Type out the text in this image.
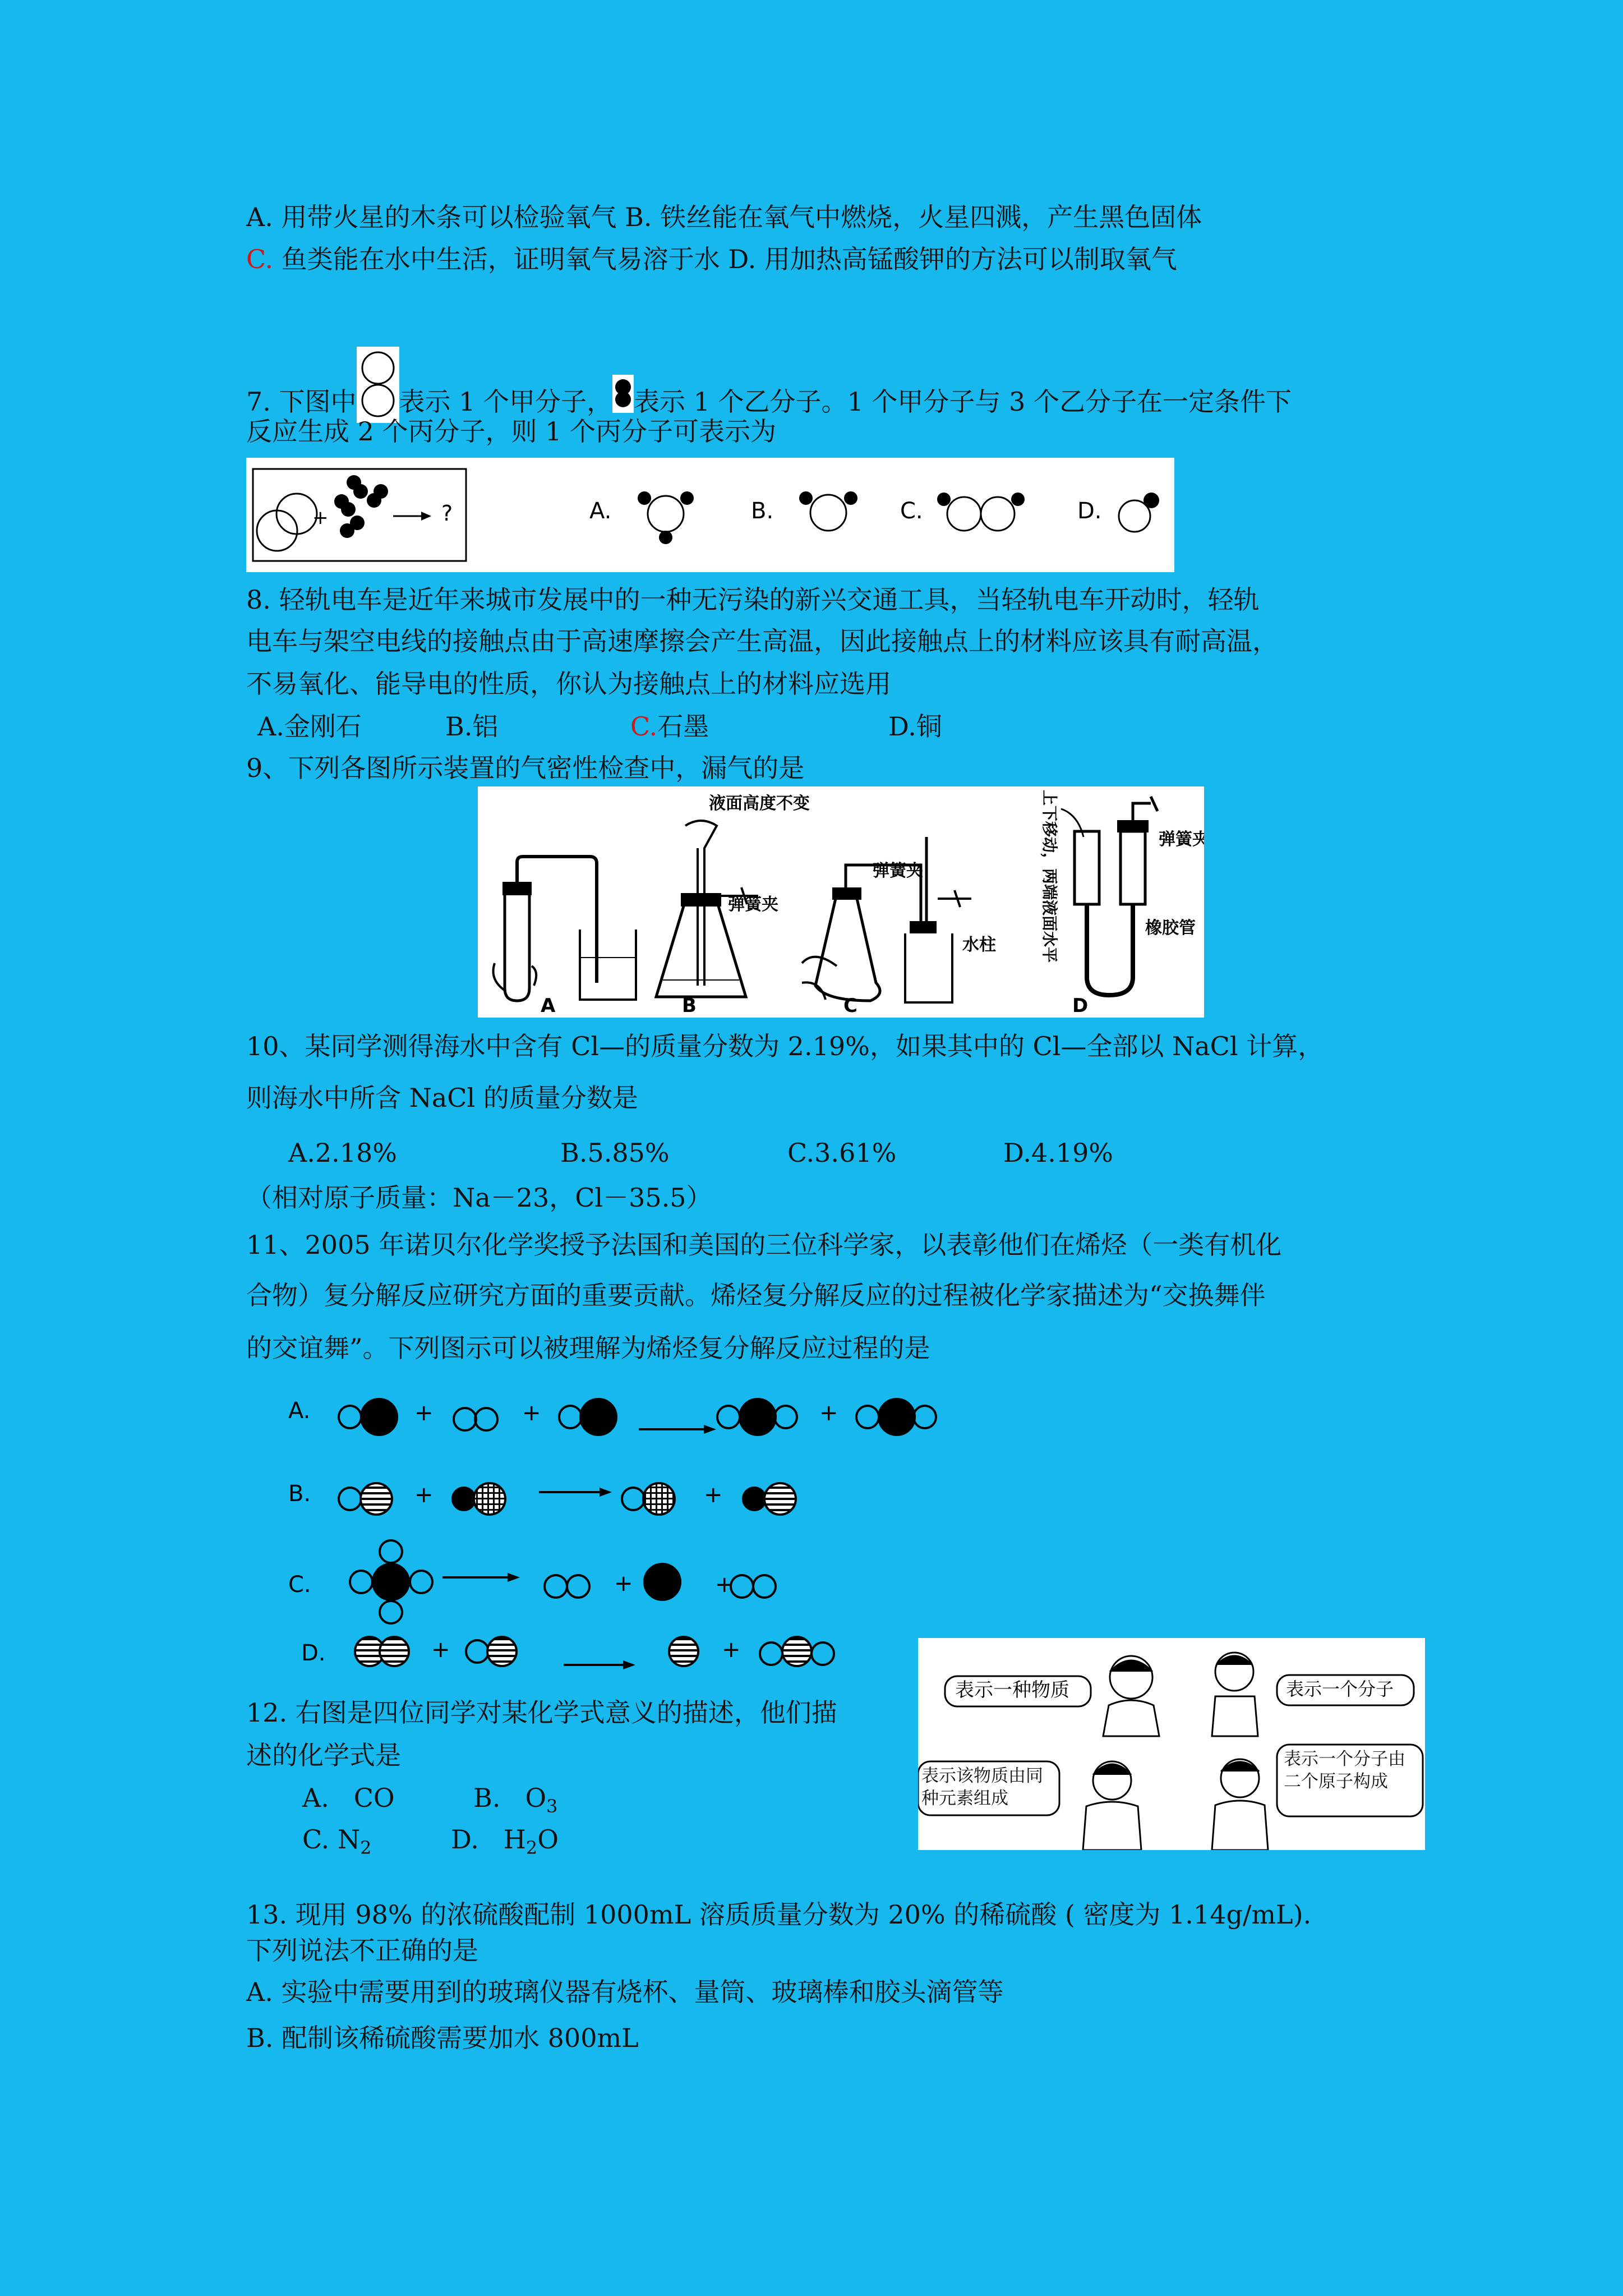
A. 用带火星的木条可以检验氧气 B. 铁丝能在氧气中燃烧，火星四溅，产生黑色固体
C. 鱼类能在水中生活，证明氧气易溶于水 D. 用加热高锰酸钾的方法可以制取氧气
7. 下图中 表示 1 个甲分子， 表示 1 个乙分子。1 个甲分子与 3 个乙分子在一定条件下
反应生成 2 个丙分子，则 1 个丙分子可表示为
+	?	A.	B.	C.	D.
8. 轻轨电车是近年来城市发展中的一种无污染的新兴交通工具，当轻轨电车开动时，轻轨
电车与架空电线的接触点由于高速摩擦会产生高温，因此接触点上的材料应该具有耐高温，
不易氧化、能导电的性质，你认为接触点上的材料应选用
A.金刚石	B.铝	C.石墨	D.铜
9、下列各图所示装置的气密性检查中，漏气的是
A
液面高度不变
弹簧夹
B
弹簧夹
水柱
C
上下移动，两端液面水平	弹簧夹
橡胶管
D
10、某同学测得海水中含有 Cl—的质量分数为 2.19%，如果其中的 Cl—全部以 NaCl 计算，
则海水中所含 NaCl 的质量分数是
A.2.18%	B.5.85%	C.3.61%	D.4.19%
（相对原子质量：Na－23，Cl－35.5）
11、2005 年诺贝尔化学奖授予法国和美国的三位科学家，以表彰他们在烯烃（一类有机化
合物）复分解反应研究方面的重要贡献。烯烃复分解反应的过程被化学家描述为“交换舞伴
的交谊舞”。下列图示可以被理解为烯烃复分解反应过程的是
A.	+	+	+
B.	+	+
C.	+	+
D.	+	+
12. 右图是四位同学对某化学式意义的描述，他们描
述的化学式是
A. CO	B. $O_3$
C. $N_2$	D. $H_2O$
表示一种物质	表示一个分子
表示该物质由同种元素组成
表示一个分子由二个原子构成
13. 现用 98% 的浓硫酸配制 1000mL 溶质质量分数为 20% 的稀硫酸 ( 密度为 1.14g/mL).
下列说法不正确的是
A. 实验中需要用到的玻璃仪器有烧杯、量筒、玻璃棒和胶头滴管等
B. 配制该稀硫酸需要加水 800mL
